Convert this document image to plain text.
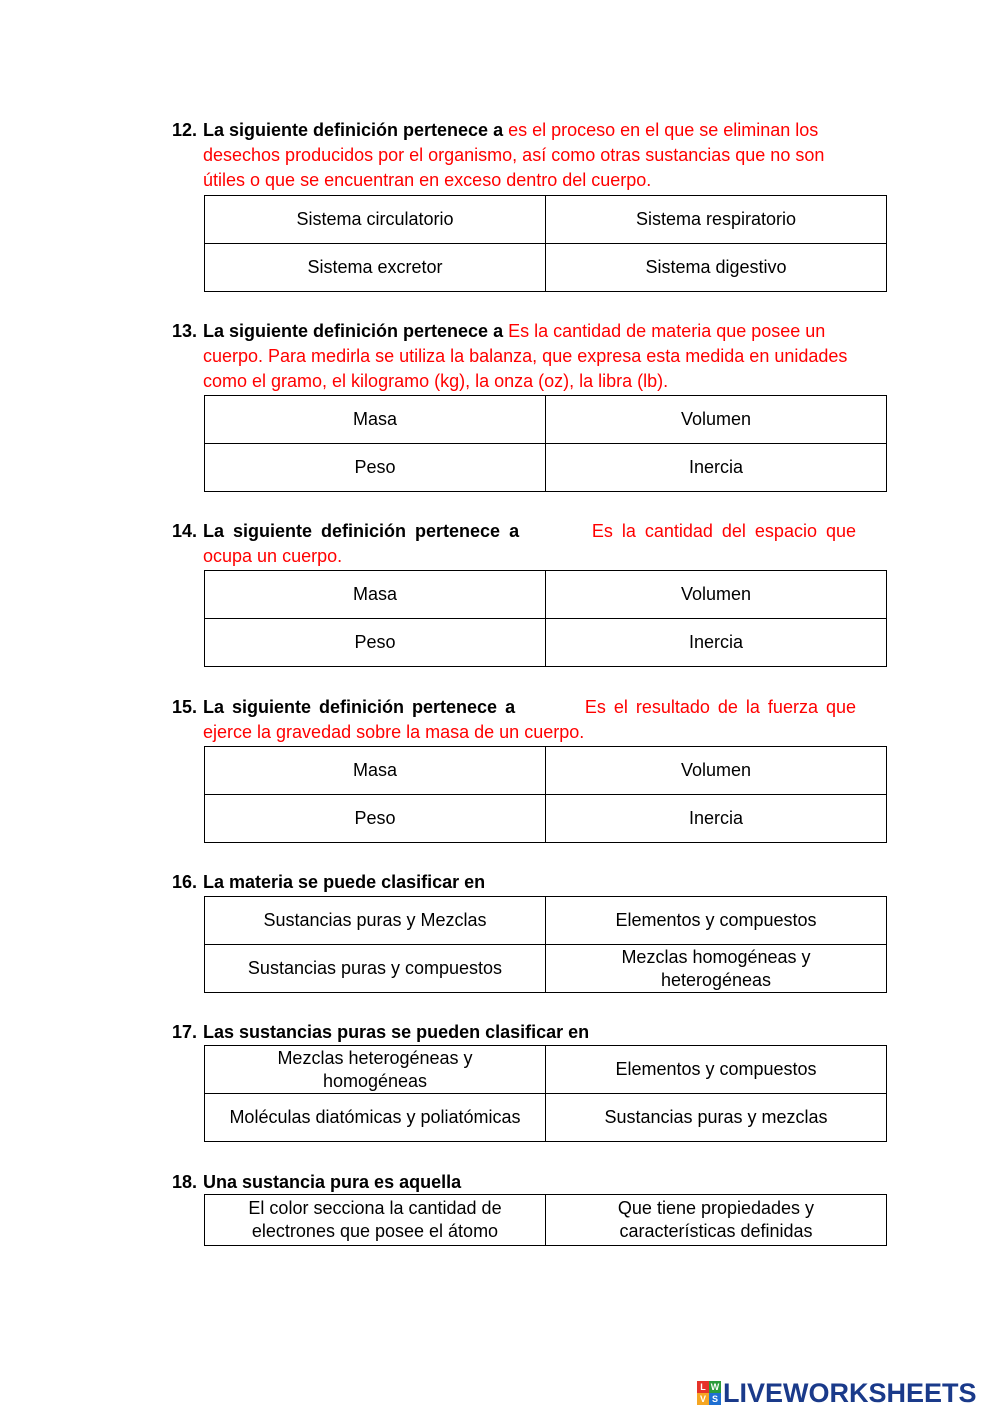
12. La siguiente definición pertenece a es el proceso en el que se eliminan los desechos producidos por el organismo, así como otras sustancias que no son útiles o que se encuentran en exceso dentro del cuerpo.
Sistema circulatorio	Sistema respiratorio
Sistema excretor	Sistema digestivo
13. La siguiente definición pertenece a Es la cantidad de materia que posee un cuerpo. Para medirla se utiliza la balanza, que expresa esta medida en unidades como el gramo, el kilogramo (kg), la onza (oz), la libra (lb).
Masa	Volumen
Peso	Inercia
14. La siguiente definición pertenece a	Es la cantidad del espacio que
ocupa un cuerpo.
Masa	Volumen
Peso	Inercia
15. La siguiente definición pertenece a	Es el resultado de la fuerza que
ejerce la gravedad sobre la masa de un cuerpo.
Masa	Volumen
Peso	Inercia
16. La materia se puede clasificar en
Sustancias puras y Mezclas	Elementos y compuestos
Sustancias puras y compuestos	Mezclas homogéneas y heterogéneas
17. Las sustancias puras se pueden clasificar en
Mezclas heterogéneas y homogéneas	Elementos y compuestos
Moléculas diatómicas y poliatómicas	Sustancias puras y mezclas
18. Una sustancia pura es aquella
El color secciona la cantidad de electrones que posee el átomo	Que tiene propiedades y características definidas
L W
V S LIVEWORKSHEETS
